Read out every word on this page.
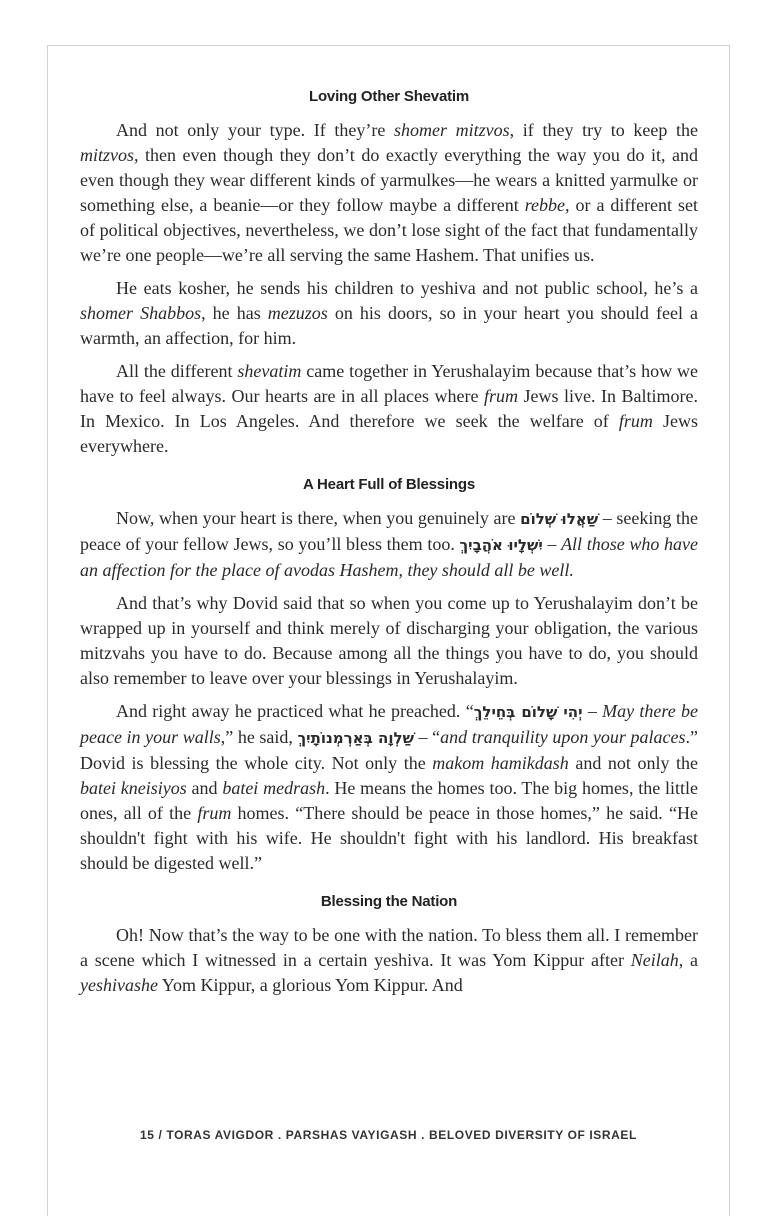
Loving Other Shevatim

And not only your type. If they’re shomer mitzvos, if they try to keep the mitzvos, then even though they don’t do exactly everything the way you do it, and even though they wear different kinds of yarmulkes—he wears a knitted yarmulke or something else, a beanie—or they follow maybe a different rebbe, or a different set of political objectives, nevertheless, we don’t lose sight of the fact that fundamentally we’re one people—we’re all serving the same Hashem. That unifies us.

He eats kosher, he sends his children to yeshiva and not public school, he’s a shomer Shabbos, he has mezuzos on his doors, so in your heart you should feel a warmth, an affection, for him.

All the different shevatim came together in Yerushalayim because that’s how we have to feel always. Our hearts are in all places where frum Jews live. In Baltimore. In Mexico. In Los Angeles. And therefore we seek the welfare of frum Jews everywhere.

A Heart Full of Blessings

Now, when your heart is there, when you genuinely are שַׁאֲלוּ שְׁלוֹם – seeking the peace of your fellow Jews, so you’ll bless them too. יִשְׁלָיוּ אֹהֲבָיִךְ – All those who have an affection for the place of avodas Hashem, they should all be well.

And that’s why Dovid said that so when you come up to Yerushalayim don’t be wrapped up in yourself and think merely of discharging your obligation, the various mitzvahs you have to do. Because among all the things you have to do, you should also remember to leave over your blessings in Yerushalayim.

And right away he practiced what he preached. “יְהִי שָׁלוֹם בְּחֵילֵךְ – May there be peace in your walls,” he said, שַׁלְוָה בְּאַרְמְנוֹתָיִךְ – “and tranquility upon your palaces.” Dovid is blessing the whole city. Not only the makom hamikdash and not only the batei kneisiyos and batei medrash. He means the homes too. The big homes, the little ones, all of the frum homes. “There should be peace in those homes,” he said. “He shouldn't fight with his wife. He shouldn't fight with his landlord. His breakfast should be digested well.”

Blessing the Nation

Oh! Now that’s the way to be one with the nation. To bless them all. I remember a scene which I witnessed in a certain yeshiva. It was Yom Kippur after Neilah, a yeshivashe Yom Kippur, a glorious Yom Kippur. And

15 / TORAS AVIGDOR . PARSHAS VAYIGASH . BELOVED DIVERSITY OF ISRAEL
